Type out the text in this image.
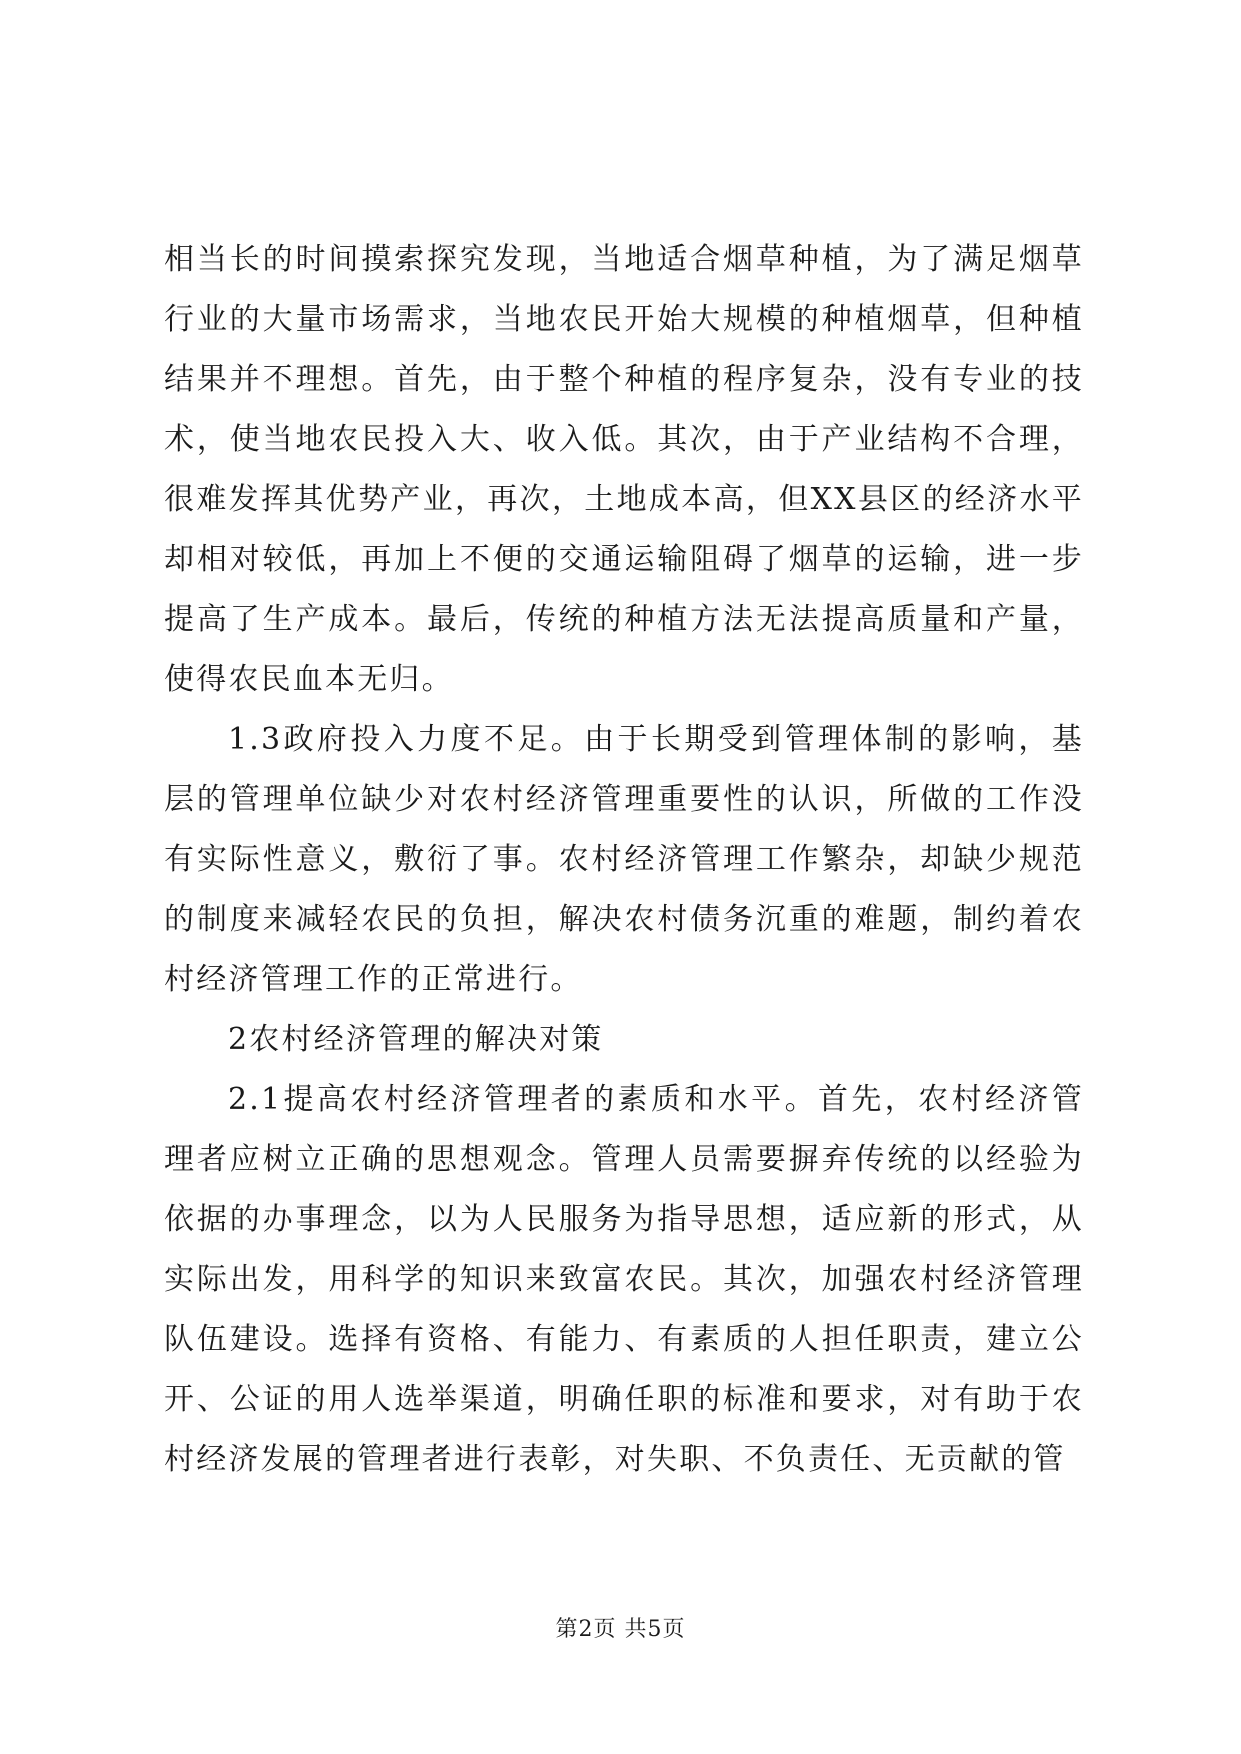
相当长的时间摸索探究发现，当地适合烟草种植，为了满足烟草行业的大量市场需求，当地农民开始大规模的种植烟草，但种植结果并不理想。首先，由于整个种植的程序复杂，没有专业的技术，使当地农民投入大、收入低。其次，由于产业结构不合理，很难发挥其优势产业，再次，土地成本高，但XX县区的经济水平却相对较低，再加上不便的交通运输阻碍了烟草的运输，进一步提高了生产成本。最后，传统的种植方法无法提高质量和产量，使得农民血本无归。

1.3政府投入力度不足。由于长期受到管理体制的影响，基层的管理单位缺少对农村经济管理重要性的认识，所做的工作没有实际性意义，敷衍了事。农村经济管理工作繁杂，却缺少规范的制度来减轻农民的负担，解决农村债务沉重的难题，制约着农村经济管理工作的正常进行。

2农村经济管理的解决对策

2.1提高农村经济管理者的素质和水平。首先，农村经济管理者应树立正确的思想观念。管理人员需要摒弃传统的以经验为依据的办事理念，以为人民服务为指导思想，适应新的形式，从实际出发，用科学的知识来致富农民。其次，加强农村经济管理队伍建设。选择有资格、有能力、有素质的人担任职责，建立公开、公证的用人选举渠道，明确任职的标准和要求，对有助于农村经济发展的管理者进行表彰，对失职、不负责任、无贡献的管

第2页 共5页
